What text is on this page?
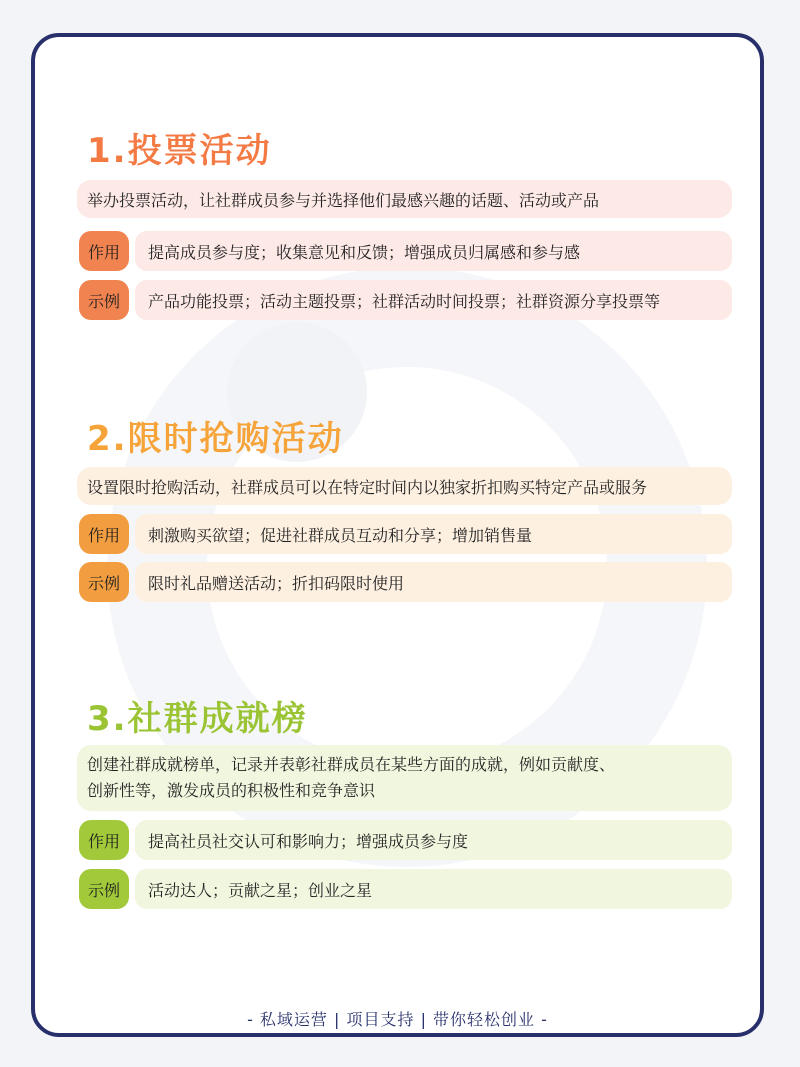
1.投票活动
举办投票活动，让社群成员参与并选择他们最感兴趣的话题、活动或产品
作用	提高成员参与度；收集意见和反馈；增强成员归属感和参与感
示例	产品功能投票；活动主题投票；社群活动时间投票；社群资源分享投票等
2.限时抢购活动
设置限时抢购活动，社群成员可以在特定时间内以独家折扣购买特定产品或服务
作用	刺激购买欲望；促进社群成员互动和分享；增加销售量
示例	限时礼品赠送活动；折扣码限时使用
3.社群成就榜
创建社群成就榜单，记录并表彰社群成员在某些方面的成就，例如贡献度、
创新性等，激发成员的积极性和竞争意识
作用	提高社员社交认可和影响力；增强成员参与度
示例	活动达人；贡献之星；创业之星
- 私域运营 | 项目支持 | 带你轻松创业 -
